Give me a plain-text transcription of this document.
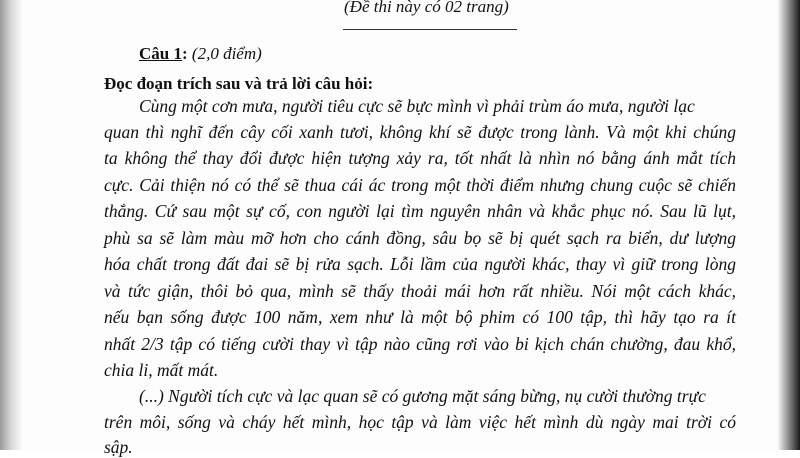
(Đề thi này có 02 trang)
Câu 1: (2,0 điểm)
Đọc đoạn trích sau và trả lời câu hỏi:

Cùng một cơn mưa, người tiêu cực sẽ bực mình vì phải trùm áo mưa, người lạc

quan thì nghĩ đến cây cối xanh tươi, không khí sẽ được trong lành. Và một khi chúng

ta không thể thay đổi được hiện tượng xảy ra, tốt nhất là nhìn nó bằng ánh mắt tích

cực. Cải thiện nó có thể sẽ thua cái ác trong một thời điểm nhưng chung cuộc sẽ chiến

thắng. Cứ sau một sự cố, con người lại tìm nguyên nhân và khắc phục nó. Sau lũ lụt,

phù sa sẽ làm màu mỡ hơn cho cánh đồng, sâu bọ sẽ bị quét sạch ra biển, dư lượng

hóa chất trong đất đai sẽ bị rửa sạch. Lỗi lầm của người khác, thay vì giữ trong lòng

và tức giận, thôi bỏ qua, mình sẽ thấy thoải mái hơn rất nhiều. Nói một cách khác,

nếu bạn sống được 100 năm, xem như là một bộ phim có 100 tập, thì hãy tạo ra ít

nhất 2/3 tập có tiếng cười thay vì tập nào cũng rơi vào bi kịch chán chường, đau khổ,

chia li, mất mát.

(...) Người tích cực và lạc quan sẽ có gương mặt sáng bừng, nụ cười thường trực

trên môi, sống và cháy hết mình, học tập và làm việc hết mình dù ngày mai trời có

sập.
